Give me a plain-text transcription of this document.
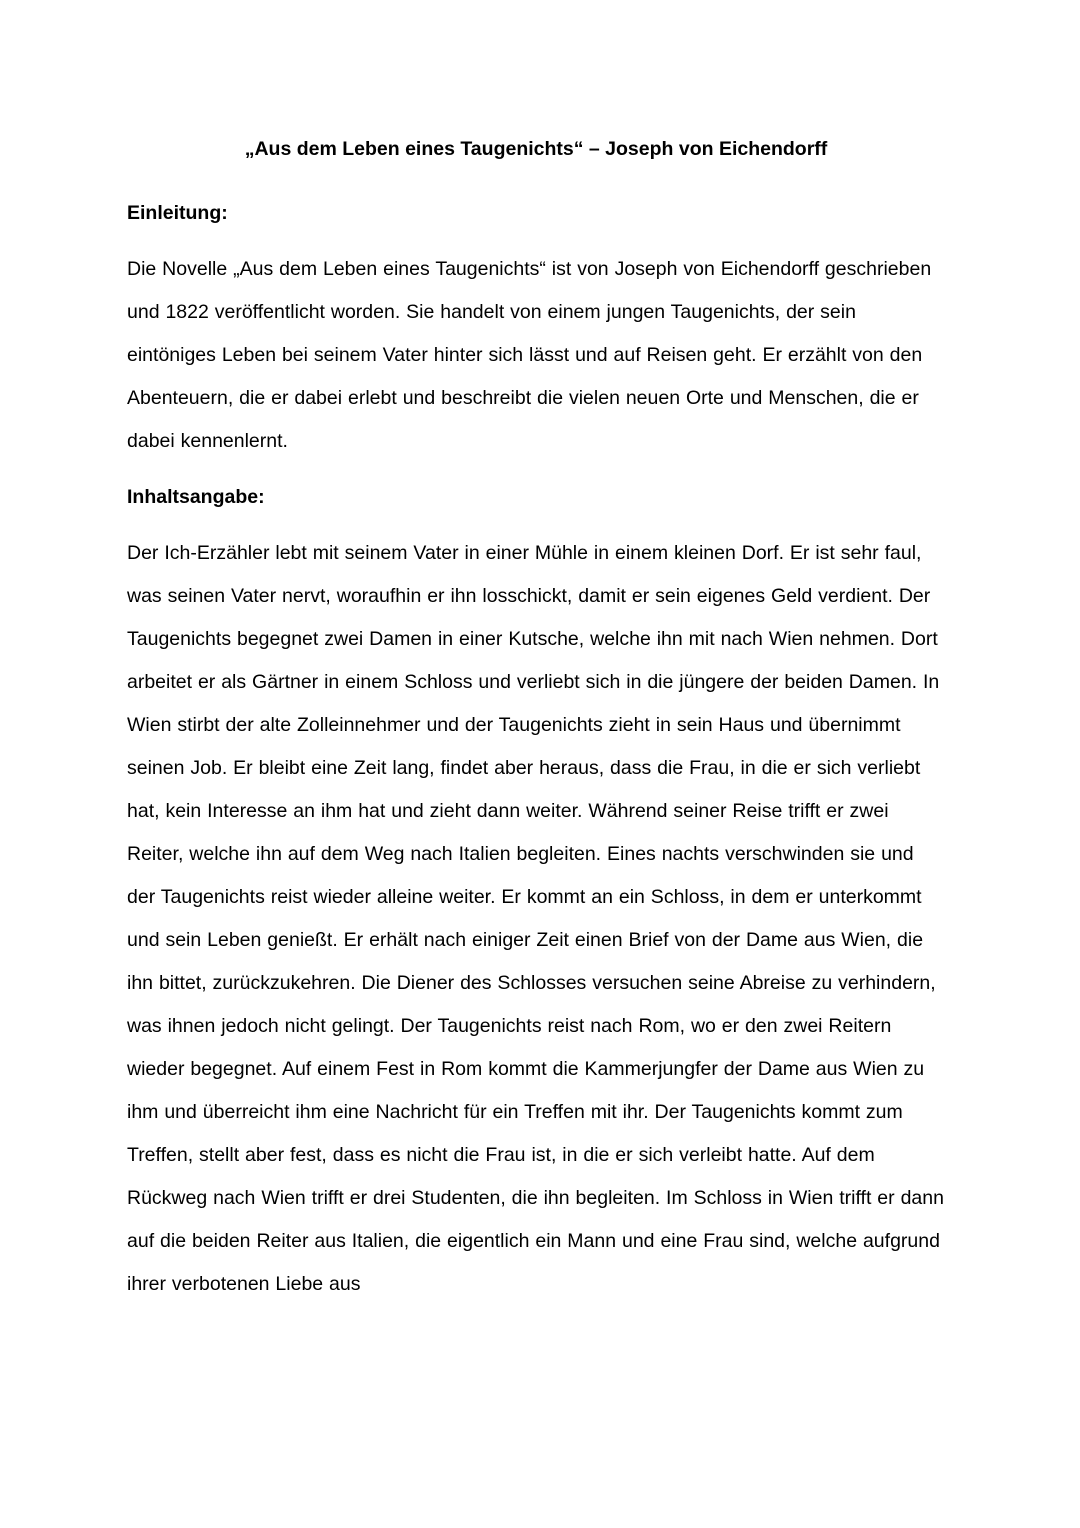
„Aus dem Leben eines Taugenichts“ – Joseph von Eichendorff
Einleitung:

Die Novelle „Aus dem Leben eines Taugenichts“ ist von Joseph von Eichendorff geschrieben und 1822 veröffentlicht worden. Sie handelt von einem jungen Taugenichts, der sein eintöniges Leben bei seinem Vater hinter sich lässt und auf Reisen geht. Er erzählt von den Abenteuern, die er dabei erlebt und beschreibt die vielen neuen Orte und Menschen, die er dabei kennenlernt.

Inhaltsangabe:

Der Ich-Erzähler lebt mit seinem Vater in einer Mühle in einem kleinen Dorf. Er ist sehr faul, was seinen Vater nervt, woraufhin er ihn losschickt, damit er sein eigenes Geld verdient. Der Taugenichts begegnet zwei Damen in einer Kutsche, welche ihn mit nach Wien nehmen. Dort arbeitet er als Gärtner in einem Schloss und verliebt sich in die jüngere der beiden Damen. In Wien stirbt der alte Zolleinnehmer und der Taugenichts zieht in sein Haus und übernimmt seinen Job. Er bleibt eine Zeit lang, findet aber heraus, dass die Frau, in die er sich verliebt hat, kein Interesse an ihm hat und zieht dann weiter. Während seiner Reise trifft er zwei Reiter, welche ihn auf dem Weg nach Italien begleiten. Eines nachts verschwinden sie und der Taugenichts reist wieder alleine weiter. Er kommt an ein Schloss, in dem er unterkommt und sein Leben genießt. Er erhält nach einiger Zeit einen Brief von der Dame aus Wien, die ihn bittet, zurückzukehren. Die Diener des Schlosses versuchen seine Abreise zu verhindern, was ihnen jedoch nicht gelingt. Der Taugenichts reist nach Rom, wo er den zwei Reitern wieder begegnet. Auf einem Fest in Rom kommt die Kammerjungfer der Dame aus Wien zu ihm und überreicht ihm eine Nachricht für ein Treffen mit ihr. Der Taugenichts kommt zum Treffen, stellt aber fest, dass es nicht die Frau ist, in die er sich verleibt hatte. Auf dem Rückweg nach Wien trifft er drei Studenten, die ihn begleiten. Im Schloss in Wien trifft er dann auf die beiden Reiter aus Italien, die eigentlich ein Mann und eine Frau sind, welche aufgrund ihrer verbotenen Liebe aus
